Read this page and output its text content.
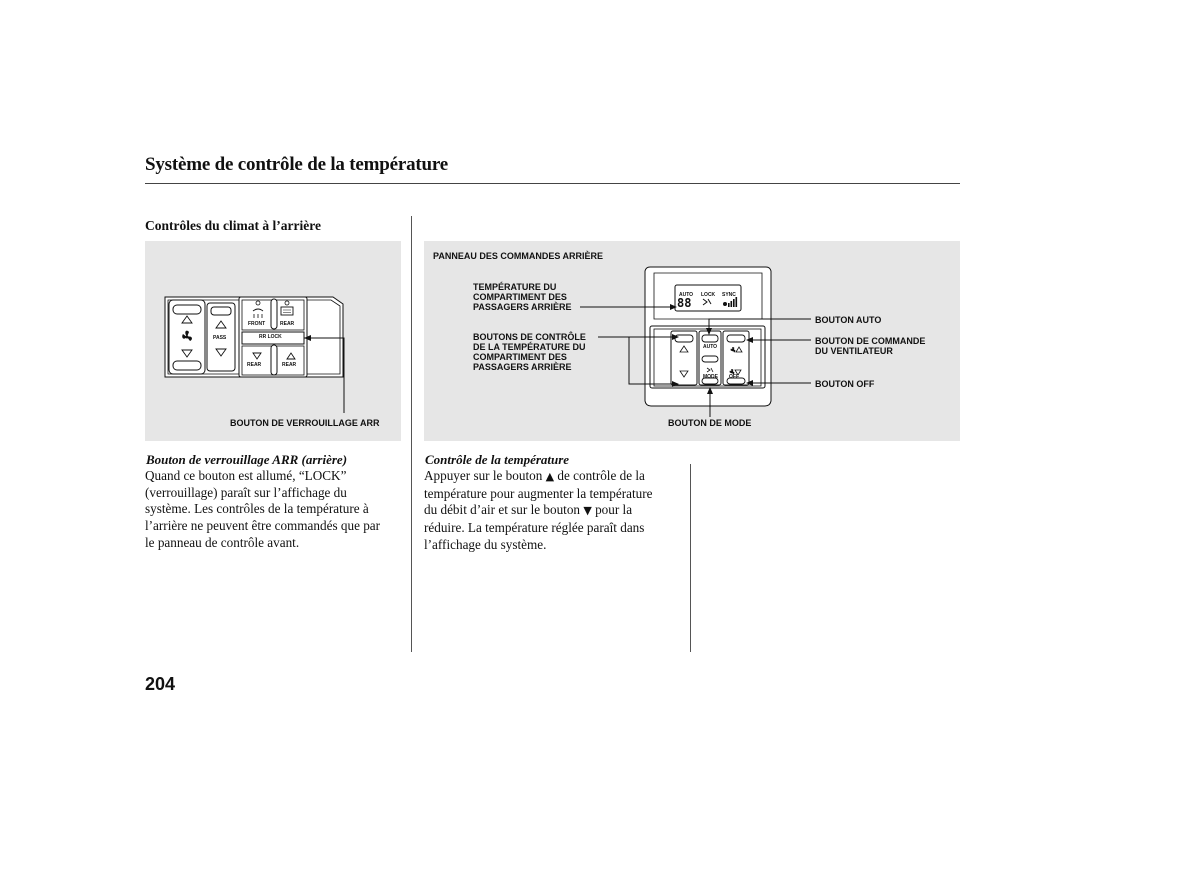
Système de contrôle de la température
Contrôles du climat à l’arrière
FRONT	REAR
PASS	RR LOCK
REAR	REAR
BOUTON DE VERROUILLAGE ARR
PANNEAU DES COMMANDES ARRIÈRE
TEMPÉRATURE DU
COMPARTIMENT DES
PASSAGERS ARRIÈRE
BOUTONS DE CONTRÔLE
DE LA TEMPÉRATURE DU
COMPARTIMENT DES
PASSAGERS ARRIÈRE
BOUTON AUTO
BOUTON DE COMMANDE
DU VENTILATEUR
BOUTON OFF
BOUTON DE MODE
AUTO LOCK SYNC
88
AUTO
MODE OFF
Bouton de verrouillage ARR (arrière)
Quand ce bouton est allumé, “LOCK”
(verrouillage) paraît sur l’affichage du
système. Les contrôles de la température à
l’arrière ne peuvent être commandés que par
le panneau de contrôle avant.
Contrôle de la température
Appuyer sur le bouton ▲ de contrôle de la
température pour augmenter la température
du débit d’air et sur le bouton ▼ pour la
réduire. La température réglée paraît dans
l’affichage du système.
204
